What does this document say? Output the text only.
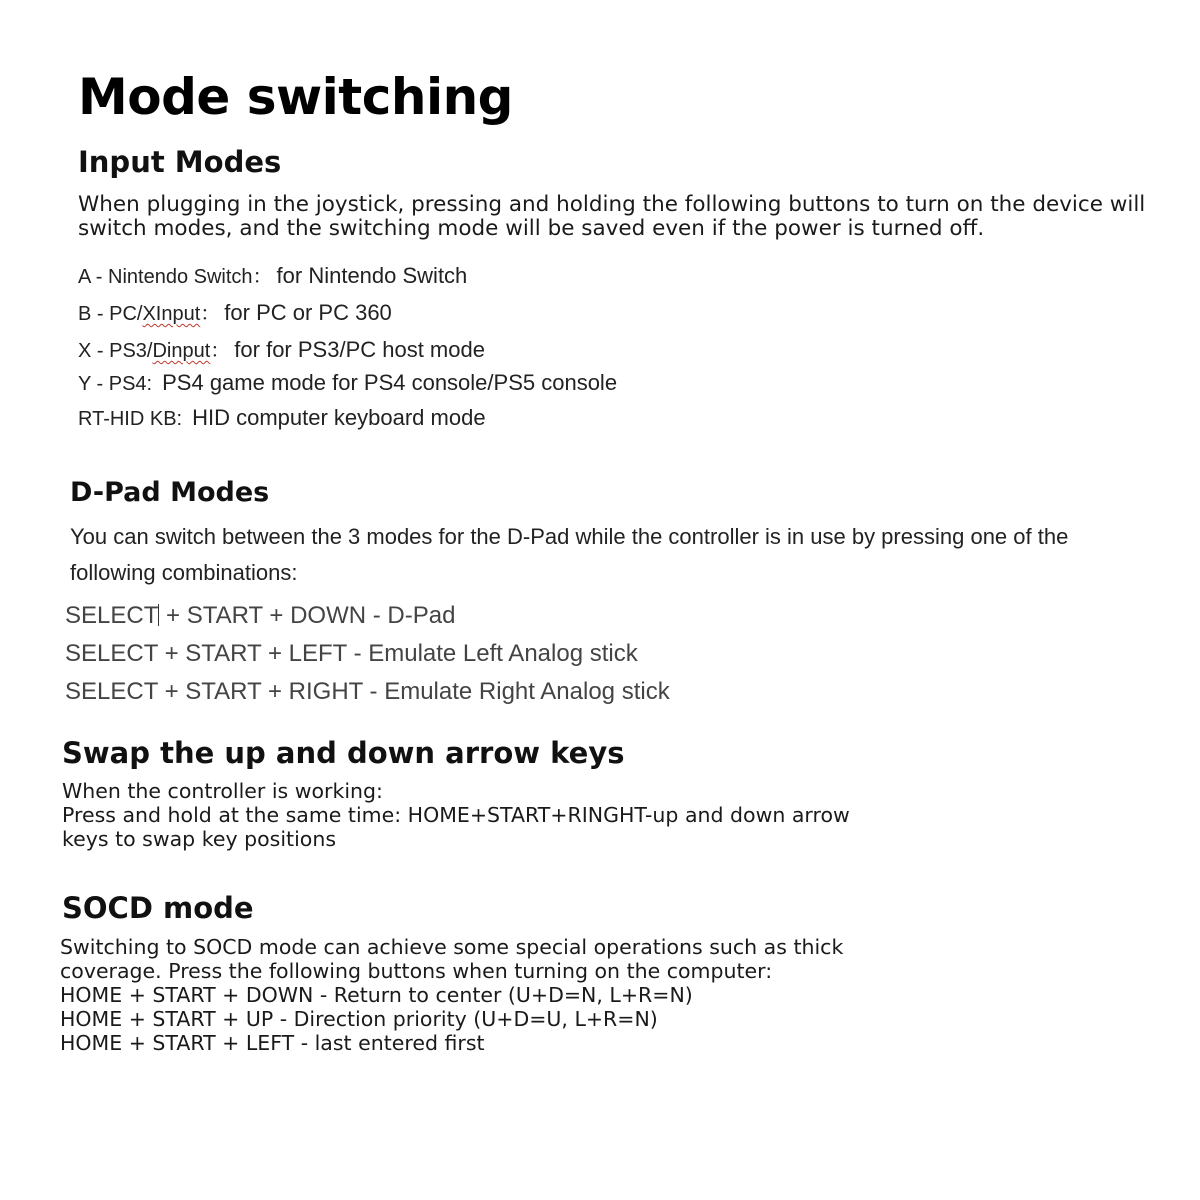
Mode switching
Input Modes
When plugging in the joystick, pressing and holding the following buttons to turn on the device will
switch modes, and the switching mode will be saved even if the power is turned off.
A - Nintendo Switch： for Nintendo Switch
B - PC/XInput： for PC or PC 360
X - PS3/Dinput： for for PS3/PC host mode
Y - PS4: PS4 game mode for PS4 console/PS5 console
RT-HID KB: HID computer keyboard mode
D-Pad Modes
You can switch between the 3 modes for the D-Pad while the controller is in use by pressing one of the
following combinations:
SELECT + START + DOWN - D-Pad
SELECT + START + LEFT - Emulate Left Analog stick
SELECT + START + RIGHT - Emulate Right Analog stick
Swap the up and down arrow keys
When the controller is working:
Press and hold at the same time: HOME+START+RINGHT-up and down arrow
keys to swap key positions
SOCD mode
Switching to SOCD mode can achieve some special operations such as thick
coverage. Press the following buttons when turning on the computer:
HOME + START + DOWN - Return to center (U+D=N, L+R=N)
HOME + START + UP - Direction priority (U+D=U, L+R=N)
HOME + START + LEFT - last entered first
